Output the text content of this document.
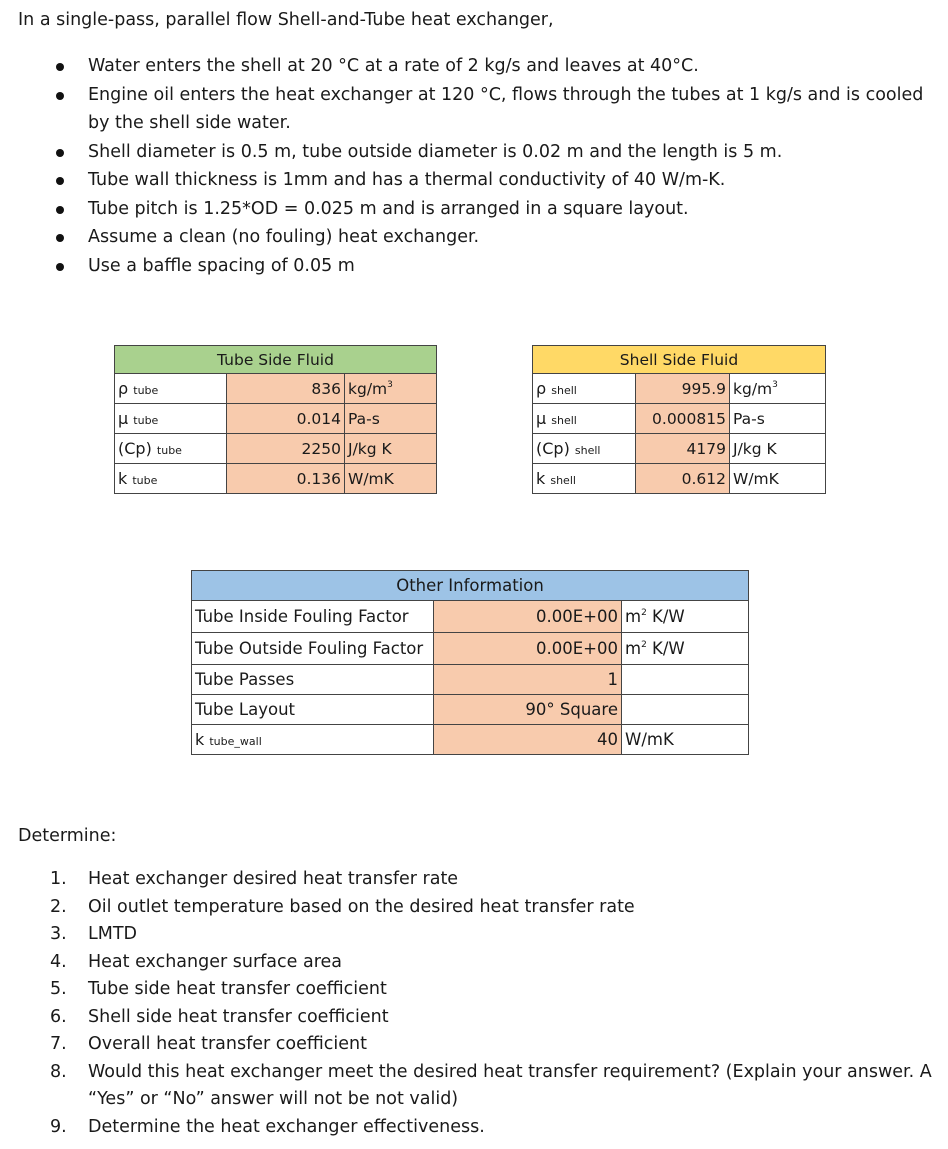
In a single-pass, parallel flow Shell-and-Tube heat exchanger,
Water enters the shell at 20 °C at a rate of 2 kg/s and leaves at 40°C.
Engine oil enters the heat exchanger at 120 °C, flows through the tubes at 1 kg/s and is cooled by the shell side water.
Shell diameter is 0.5 m, tube outside diameter is 0.02 m and the length is 5 m.
Tube wall thickness is 1mm and has a thermal conductivity of 40 W/m-K.
Tube pitch is 1.25*OD = 0.025 m and is arranged in a square layout.
Assume a clean (no fouling) heat exchanger.
Use a baffle spacing of 0.05 m
Tube Side Fluid		
ρ tube	836	$kg/m^3$
μ tube	0.014	Pa-s
(Cp) tube	2250	J/kg K
k tube	0.136	W/mK
Shell Side Fluid		
ρ shell	995.9	$kg/m^3$
μ shell	0.000815	Pa-s
(Cp) shell	4179	J/kg K
k shell	0.612	W/mK
Other Information		
Tube Inside Fouling Factor	0.00E+00	$m^2$ K/W
Tube Outside Fouling Factor	0.00E+00	$m^2$ K/W
Tube Passes	1	
Tube Layout	90° Square	
k tube_wall	40	W/mK
Determine:
1. Heat exchanger desired heat transfer rate
2. Oil outlet temperature based on the desired heat transfer rate
3. LMTD
4. Heat exchanger surface area
5. Tube side heat transfer coefficient
6. Shell side heat transfer coefficient
7. Overall heat transfer coefficient
8. Would this heat exchanger meet the desired heat transfer requirement? (Explain your answer. A “Yes” or “No” answer will not be not valid)
9. Determine the heat exchanger effectiveness.
